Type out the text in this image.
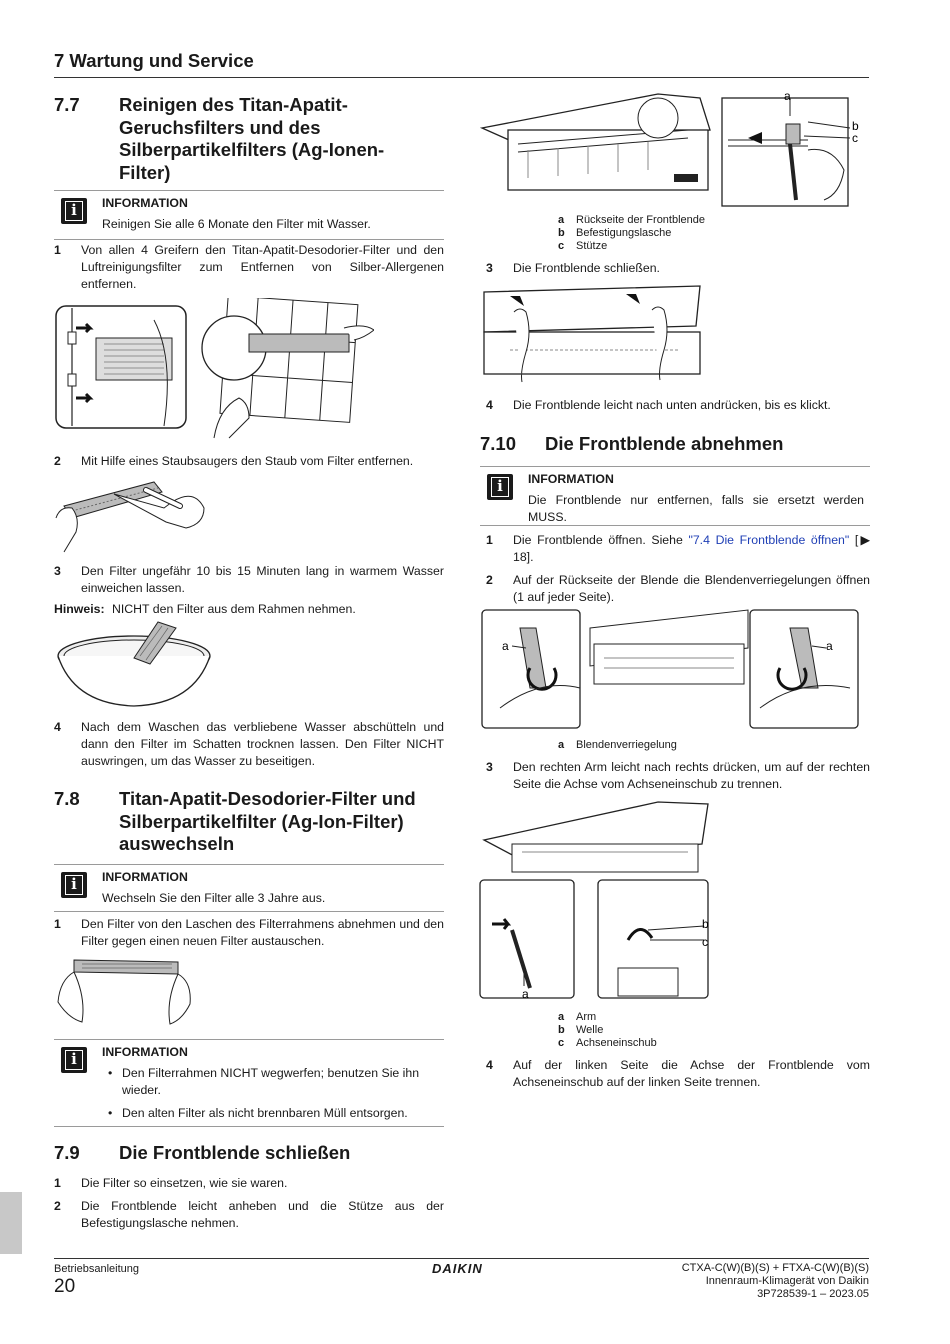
7 Wartung und Service
7.7 Reinigen des Titan-Apatit-Geruchsfilters und des Silberpartikelfilters (Ag-Ionen-Filter)
i	INFORMATION
Reinigen Sie alle 6 Monate den Filter mit Wasser.
1 Von allen 4 Greifern den Titan-Apatit-Desodorier-Filter und den Luftreinigungsfilter zum Entfernen von Silber-Allergenen entfernen.
2 Mit Hilfe eines Staubsaugers den Staub vom Filter entfernen.
3 Den Filter ungefähr 10 bis 15 Minuten lang in warmem Wasser einweichen lassen.
Hinweis: NICHT den Filter aus dem Rahmen nehmen.
4 Nach dem Waschen das verbliebene Wasser abschütteln und dann den Filter im Schatten trocknen lassen. Den Filter NICHT auswringen, um das Wasser zu beseitigen.
7.8 Titan-Apatit-Desodorier-Filter und Silberpartikelfilter (Ag-Ion-Filter) auswechseln
i	INFORMATION
Wechseln Sie den Filter alle 3 Jahre aus.
1 Den Filter von den Laschen des Filterrahmens abnehmen und den Filter gegen einen neuen Filter austauschen.
i	INFORMATION
• Den Filterrahmen NICHT wegwerfen; benutzen Sie ihn wieder.
• Den alten Filter als nicht brennbaren Müll entsorgen.
7.9 Die Frontblende schließen
1 Die Filter so einsetzen, wie sie waren.
2 Die Frontblende leicht anheben und die Stütze aus der Befestigungslasche nehmen.
a
b
c
a	Rückseite der Frontblende
b	Befestigungslasche
c	Stütze
3 Die Frontblende schließen.
4 Die Frontblende leicht nach unten andrücken, bis es klickt.
7.10 Die Frontblende abnehmen
i	INFORMATION
Die Frontblende nur entfernen, falls sie ersetzt werden MUSS.
1 Die Frontblende öffnen. Siehe "7.4 Die Frontblende öffnen" [▶ 18].
2 Auf der Rückseite der Blende die Blendenverriegelungen öffnen (1 auf jeder Seite).
a	a
a	Blendenverriegelung
3 Den rechten Arm leicht nach rechts drücken, um auf der rechten Seite die Achse vom Achseneinschub zu trennen.
b
c
a
a	Arm
b	Welle
c	Achseneinschub
4 Auf der linken Seite die Achse der Frontblende vom Achseneinschub auf der linken Seite trennen.
Betriebsanleitung
20
DAIKIN	CTXA-C(W)(B)(S) + FTXA-C(W)(B)(S)
Innenraum-Klimagerät von Daikin
3P728539-1 – 2023.05
